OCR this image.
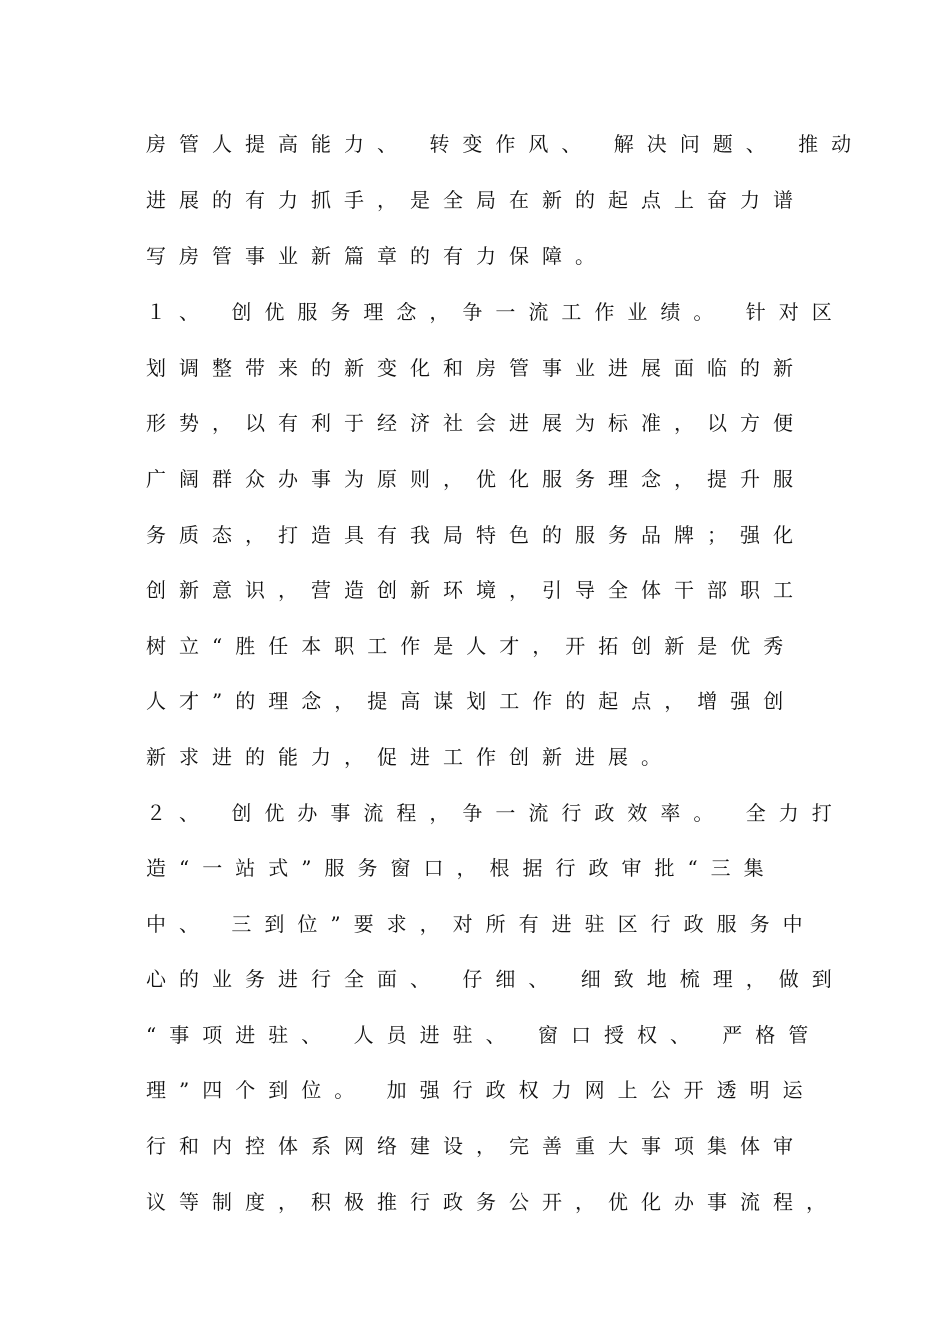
房管人提高能力、 转变作风、 解决问题、 推动
进展的有力抓手，是全局在新的起点上奋力谱
写房管事业新篇章的有力保障。
１、 创优服务理念，争一流工作业绩。 针对区
划调整带来的新变化和房管事业进展面临的新
形势，以有利于经济社会进展为标准，以方便
广阔群众办事为原则，优化服务理念，提升服
务质态，打造具有我局特色的服务品牌；强化
创新意识，营造创新环境，引导全体干部职工
树立“胜任本职工作是人才，开拓创新是优秀
人才”的理念，提高谋划工作的起点，增强创
新求进的能力，促进工作创新进展。
２、 创优办事流程，争一流行政效率。 全力打
造“一站式”服务窗口，根据行政审批“三集
中、 三到位”要求，对所有进驻区行政服务中
心的业务进行全面、 仔细、 细致地梳理，做到
“事项进驻、 人员进驻、 窗口授权、 严格管
理”四个到位。 加强行政权力网上公开透明运
行和内控体系网络建设，完善重大事项集体审
议等制度，积极推行政务公开，优化办事流程，
